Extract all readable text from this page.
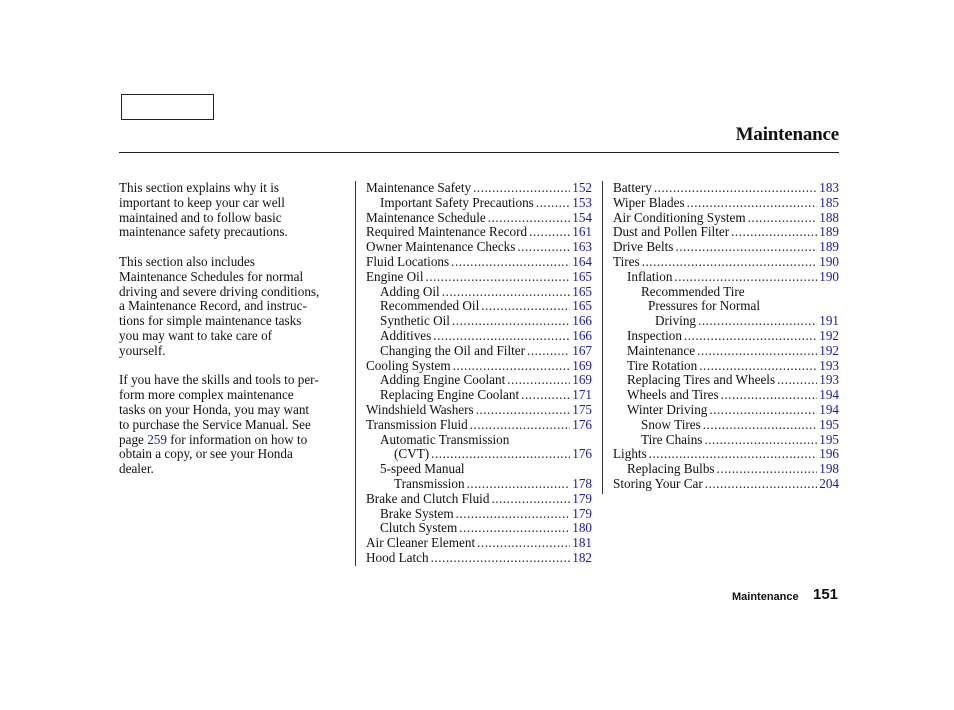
Maintenance

This section explains why it is
important to keep your car well
maintained and to follow basic
maintenance safety precautions.

This section also includes
Maintenance Schedules for normal
driving and severe driving conditions,
a Maintenance Record, and instruc-
tions for simple maintenance tasks
you may want to take care of
yourself.

If you have the skills and tools to per-
form more complex maintenance
tasks on your Honda, you may want
to purchase the Service Manual. See
page 259 for information on how to
obtain a copy, or see your Honda
dealer.

Maintenance Safety .....	152
Important Safety Precautions .....	153
Maintenance Schedule .....	154
Required Maintenance Record .....	161
Owner Maintenance Checks .....	163
Fluid Locations .....	164
Engine Oil .....	165
Adding Oil .....	165
Recommended Oil .....	165
Synthetic Oil .....	166
Additives .....	166
Changing the Oil and Filter .....	167
Cooling System .....	169
Adding Engine Coolant .....	169
Replacing Engine Coolant .....	171
Windshield Washers .....	175
Transmission Fluid .....	176
Automatic Transmission
(CVT) .....	176
5-speed Manual
Transmission .....	178
Brake and Clutch Fluid .....	179
Brake System .....	179
Clutch System .....	180
Air Cleaner Element .....	181
Hood Latch .....	182
Battery .....	183
Wiper Blades .....	185
Air Conditioning System .....	188
Dust and Pollen Filter .....	189
Drive Belts .....	189
Tires .....	190
Inflation .....	190
Recommended Tire
Pressures for Normal
Driving .....	191
Inspection .....	192
Maintenance .....	192
Tire Rotation .....	193
Replacing Tires and Wheels .....	193
Wheels and Tires .....	194
Winter Driving .....	194
Snow Tires .....	195
Tire Chains .....	195
Lights .....	196
Replacing Bulbs .....	198
Storing Your Car .....	204
Maintenance 151
